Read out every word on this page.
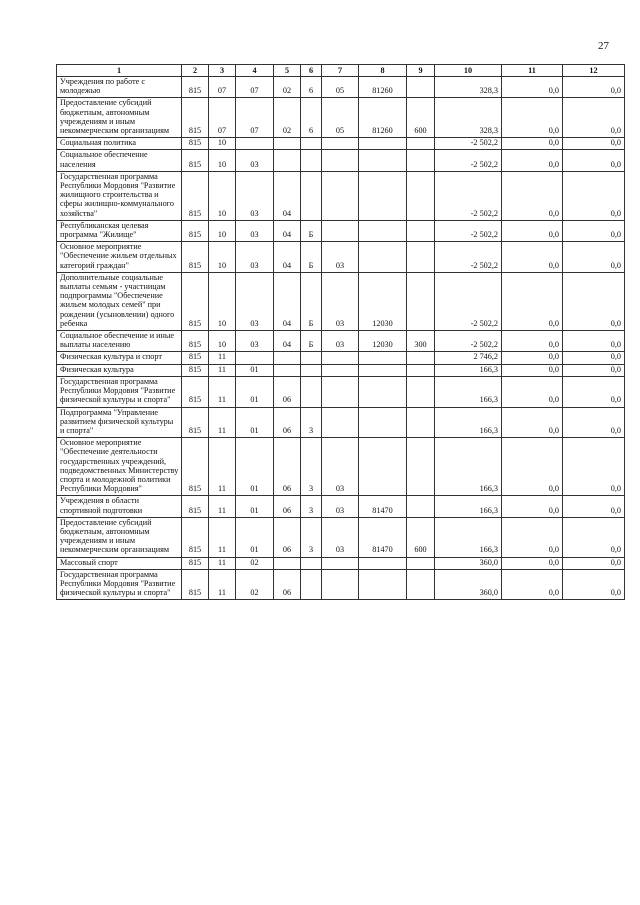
27
1	2	3	4	5	6	7	8	9	10	11	12
Учреждения по работе с молодежью	815	07	07	02	6	05	81260		328,3	0,0	0,0
Предоставление субсидий бюджетным, автономным учреждениям и иным некоммерческим организациям	815	07	07	02	6	05	81260	600	328,3	0,0	0,0
Социальная политика	815	10							-2 502,2	0,0	0,0
Социальное обеспечение населения	815	10	03						-2 502,2	0,0	0,0
Государственная программа Республики Мордовия "Развитие жилищного строительства и сферы жилищно-коммунального хозяйства"	815	10	03	04					-2 502,2	0,0	0,0
Республиканская целевая программа "Жилище"	815	10	03	04	Б				-2 502,2	0,0	0,0
Основное мероприятие "Обеспечение жильем отдельных категорий граждан"	815	10	03	04	Б	03			-2 502,2	0,0	0,0
Дополнительные социальные выплаты семьям - участницам подпрограммы "Обеспечение жильем молодых семей" при рождении (усыновлении) одного ребенка	815	10	03	04	Б	03	12030		-2 502,2	0,0	0,0
Социальное обеспечение и иные выплаты населению	815	10	03	04	Б	03	12030	300	-2 502,2	0,0	0,0
Физическая культура и спорт	815	11							2 746,2	0,0	0,0
Физическая культура	815	11	01						166,3	0,0	0,0
Государственная программа Республики Мордовия "Развитие физической культуры и спорта"	815	11	01	06					166,3	0,0	0,0
Подпрограмма "Управление развитием физической культуры и спорта"	815	11	01	06	3				166,3	0,0	0,0
Основное мероприятие "Обеспечение деятельности государственных учреждений, подведомственных Министерству спорта и молодежной политики Республики Мордовия"	815	11	01	06	3	03			166,3	0,0	0,0
Учреждения в области спортивной подготовки	815	11	01	06	3	03	81470		166,3	0,0	0,0
Предоставление субсидий бюджетным, автономным учреждениям и иным некоммерческим организациям	815	11	01	06	3	03	81470	600	166,3	0,0	0,0
Массовый спорт	815	11	02						360,0	0,0	0,0
Государственная программа Республики Мордовия "Развитие физической культуры и спорта"	815	11	02	06					360,0	0,0	0,0
